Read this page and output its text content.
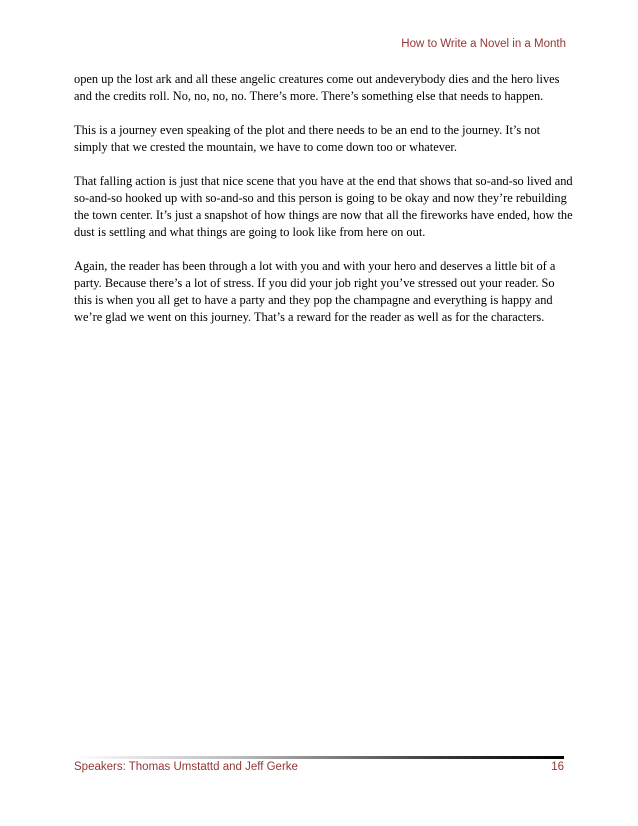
How to Write a Novel in a Month

open up the lost ark and all these angelic creatures come out andeverybody dies and the hero lives and the credits roll. No, no, no, no. There’s more. There’s something else that needs to happen.

This is a journey even speaking of the plot and there needs to be an end to the journey. It’s not simply that we crested the mountain, we have to come down too or whatever.

That falling action is just that nice scene that you have at the end that shows that so-and-so lived and so-and-so hooked up with so-and-so and this person is going to be okay and now they’re rebuilding the town center. It’s just a snapshot of how things are now that all the fireworks have ended, how the dust is settling and what things are going to look like from here on out.

Again, the reader has been through a lot with you and with your hero and deserves a little bit of a party. Because there’s a lot of stress. If you did your job right you’ve stressed out your reader. So this is when you all get to have a party and they pop the champagne and everything is happy and we’re glad we went on this journey. That’s a reward for the reader as well as for the characters.

Speakers: Thomas Umstattd and Jeff Gerke	16
